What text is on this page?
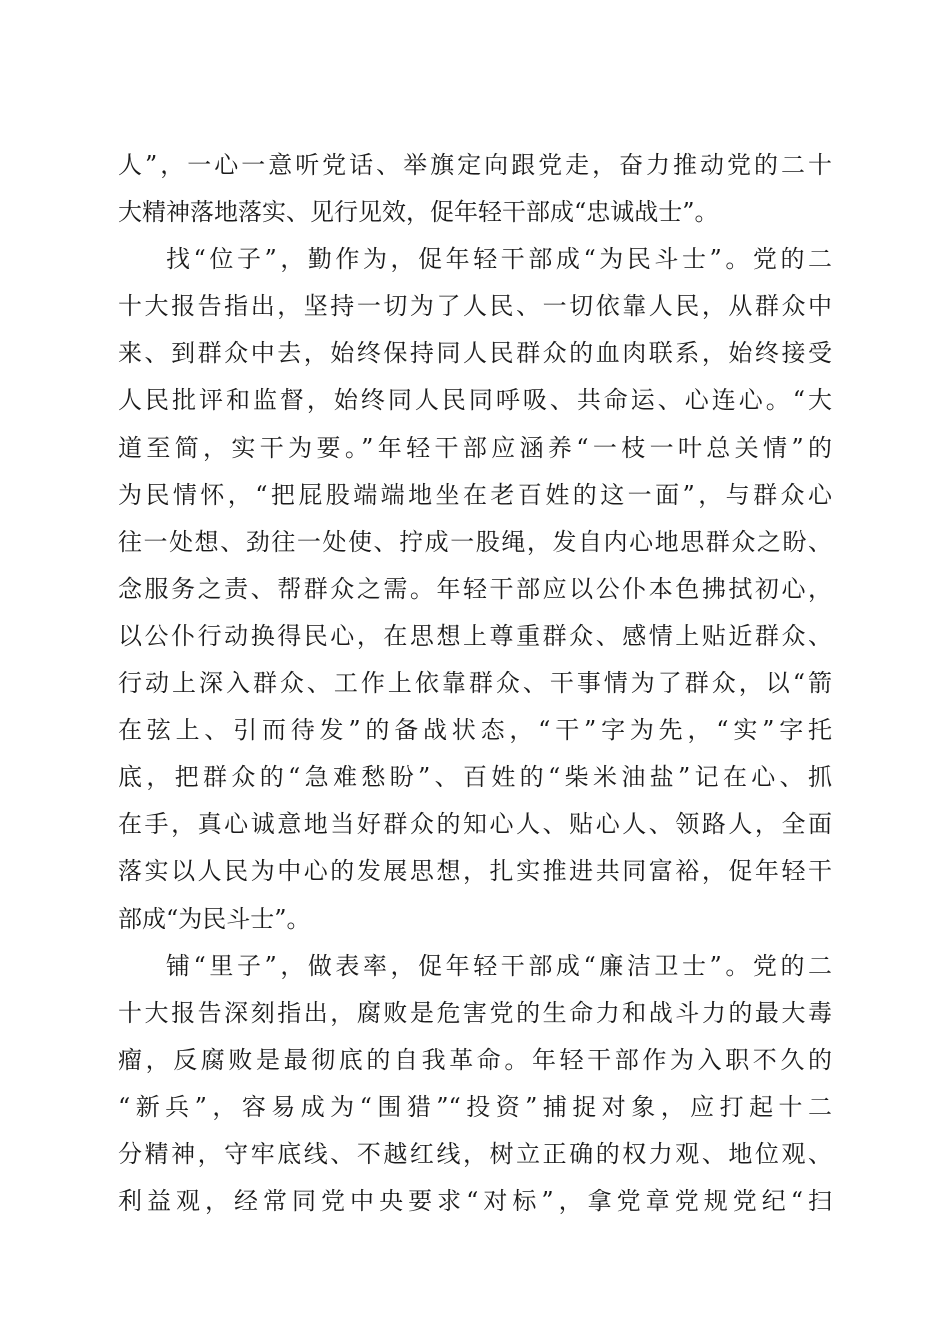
人”，一心一意听党话、举旗定向跟党走，奋力推动党的二十
大精神落地落实、见行见效，促年轻干部成“忠诚战士”。
找“位子”，勤作为，促年轻干部成“为民斗士”。党的二
十大报告指出，坚持一切为了人民、一切依靠人民，从群众中
来、到群众中去，始终保持同人民群众的血肉联系，始终接受
人民批评和监督，始终同人民同呼吸、共命运、心连心。“大
道至简，实干为要。”年轻干部应涵养“一枝一叶总关情”的
为民情怀，“把屁股端端地坐在老百姓的这一面”，与群众心
往一处想、劲往一处使、拧成一股绳，发自内心地思群众之盼、
念服务之责、帮群众之需。年轻干部应以公仆本色拂拭初心，
以公仆行动换得民心，在思想上尊重群众、感情上贴近群众、
行动上深入群众、工作上依靠群众、干事情为了群众，以“箭
在弦上、引而待发”的备战状态，“干”字为先，“实”字托
底，把群众的“急难愁盼”、百姓的“柴米油盐”记在心、抓
在手，真心诚意地当好群众的知心人、贴心人、领路人，全面
落实以人民为中心的发展思想，扎实推进共同富裕，促年轻干
部成“为民斗士”。
铺“里子”，做表率，促年轻干部成“廉洁卫士”。党的二
十大报告深刻指出，腐败是危害党的生命力和战斗力的最大毒
瘤，反腐败是最彻底的自我革命。年轻干部作为入职不久的
“新兵”，容易成为“围猎”“投资”捕捉对象，应打起十二
分精神，守牢底线、不越红线，树立正确的权力观、地位观、
利益观，经常同党中央要求“对标”，拿党章党规党纪“扫
